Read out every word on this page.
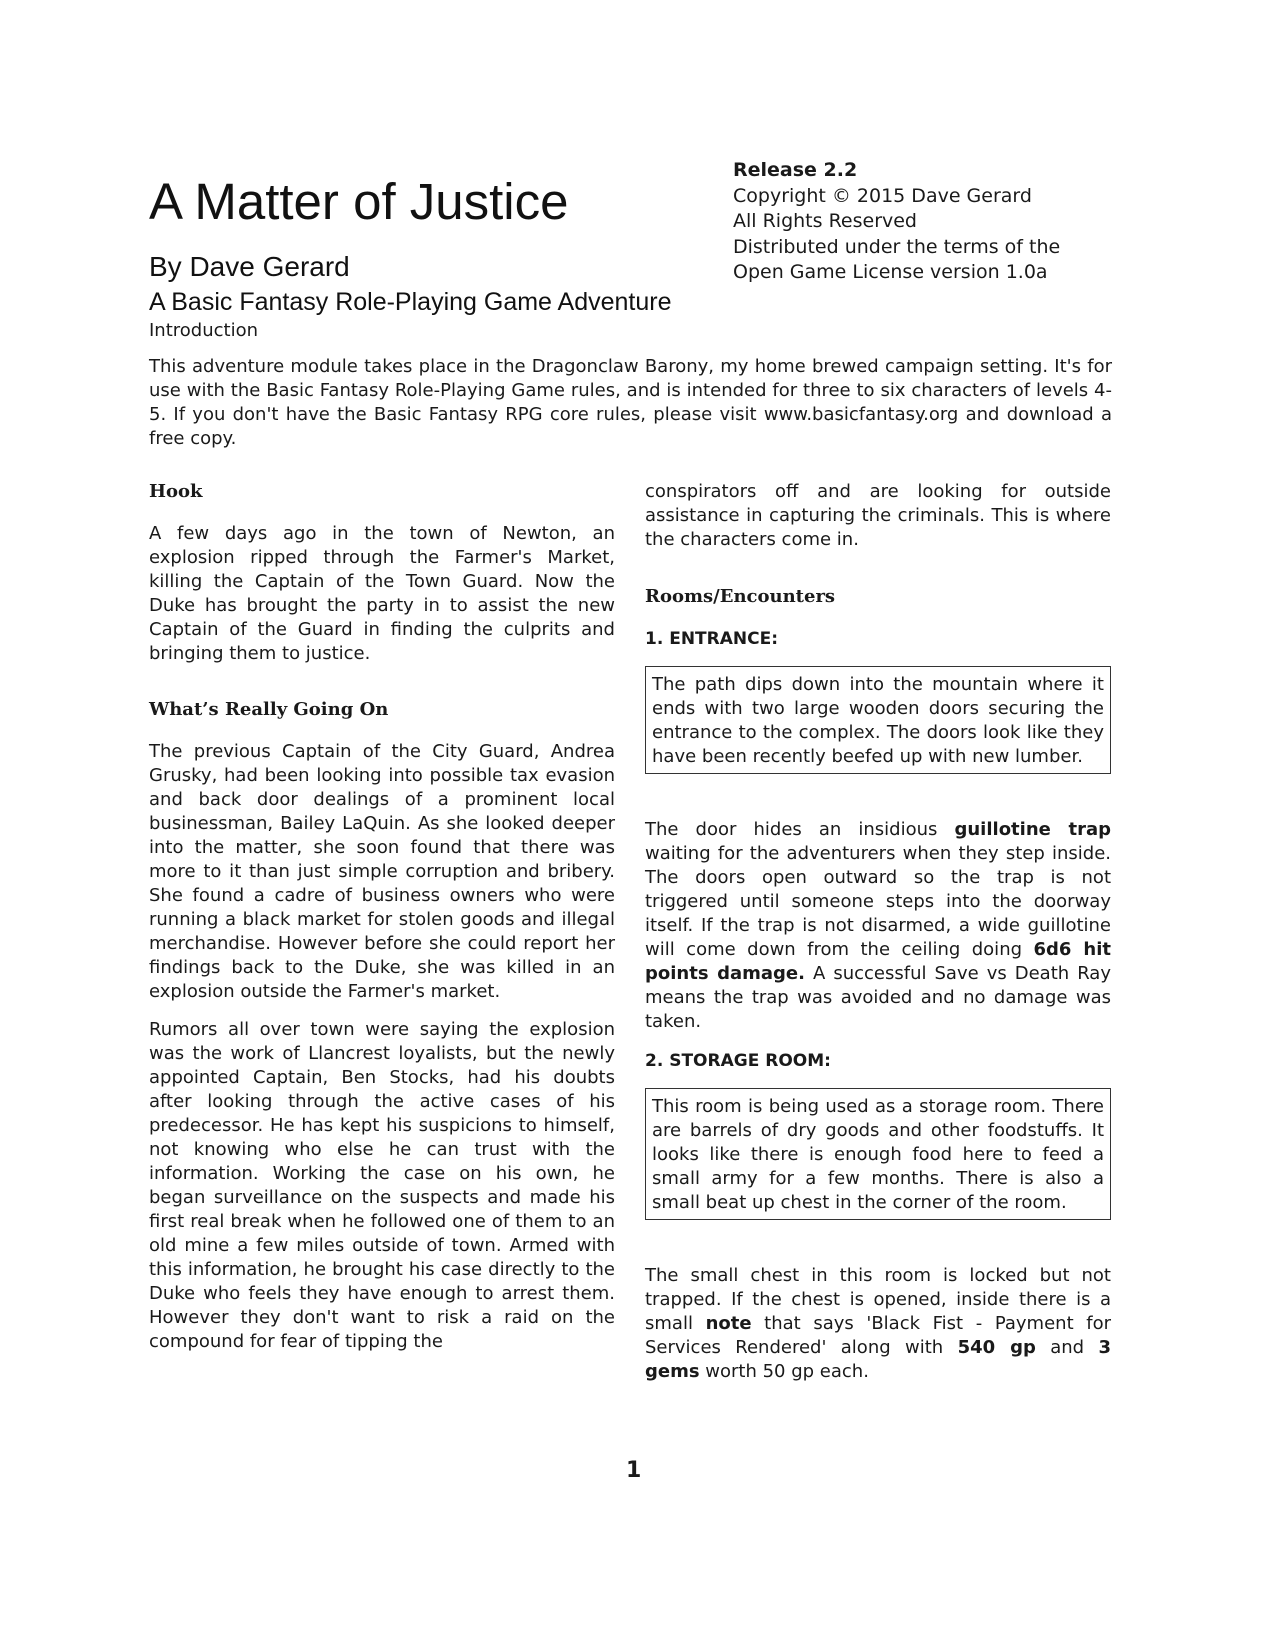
A Matter of Justice
By Dave Gerard
A Basic Fantasy Role-Playing Game Adventure
Introduction
Release 2.2
Copyright © 2015 Dave Gerard
All Rights Reserved
Distributed under the terms of the
Open Game License version 1.0a
This adventure module takes place in the Dragonclaw Barony, my home brewed campaign setting. It's for use with the Basic Fantasy Role-Playing Game rules, and is intended for three to six characters of levels 4-5. If you don't have the Basic Fantasy RPG core rules, please visit www.basicfantasy.org and download a free copy.
Hook

A few days ago in the town of Newton, an explosion ripped through the Farmer's Market, killing the Captain of the Town Guard. Now the Duke has brought the party in to assist the new Captain of the Guard in finding the culprits and bringing them to justice.

What’s Really Going On

The previous Captain of the City Guard, Andrea Grusky, had been looking into possible tax evasion and back door dealings of a prominent local businessman, Bailey LaQuin. As she looked deeper into the matter, she soon found that there was more to it than just simple corruption and bribery. She found a cadre of business owners who were running a black market for stolen goods and illegal merchandise. However before she could report her findings back to the Duke, she was killed in an explosion outside the Farmer's market.

Rumors all over town were saying the explosion was the work of Llancrest loyalists, but the newly appointed Captain, Ben Stocks, had his doubts after looking through the active cases of his predecessor. He has kept his suspicions to himself, not knowing who else he can trust with the information. Working the case on his own, he began surveillance on the suspects and made his first real break when he followed one of them to an old mine a few miles outside of town. Armed with this information, he brought his case directly to the Duke who feels they have enough to arrest them. However they don't want to risk a raid on the compound for fear of tipping the

conspirators off and are looking for outside assistance in capturing the criminals. This is where the characters come in.

Rooms/Encounters
1. ENTRANCE:

The path dips down into the mountain where it ends with two large wooden doors securing the entrance to the complex. The doors look like they have been recently beefed up with new lumber.

The door hides an insidious guillotine trap waiting for the adventurers when they step inside. The doors open outward so the trap is not triggered until someone steps into the doorway itself. If the trap is not disarmed, a wide guillotine will come down from the ceiling doing 6d6 hit points damage. A successful Save vs Death Ray means the trap was avoided and no damage was taken.

2. STORAGE ROOM:

This room is being used as a storage room. There are barrels of dry goods and other foodstuffs. It looks like there is enough food here to feed a small army for a few months. There is also a small beat up chest in the corner of the room.

The small chest in this room is locked but not trapped. If the chest is opened, inside there is a small note that says 'Black Fist - Payment for Services Rendered' along with 540 gp and 3 gems worth 50 gp each.

1
